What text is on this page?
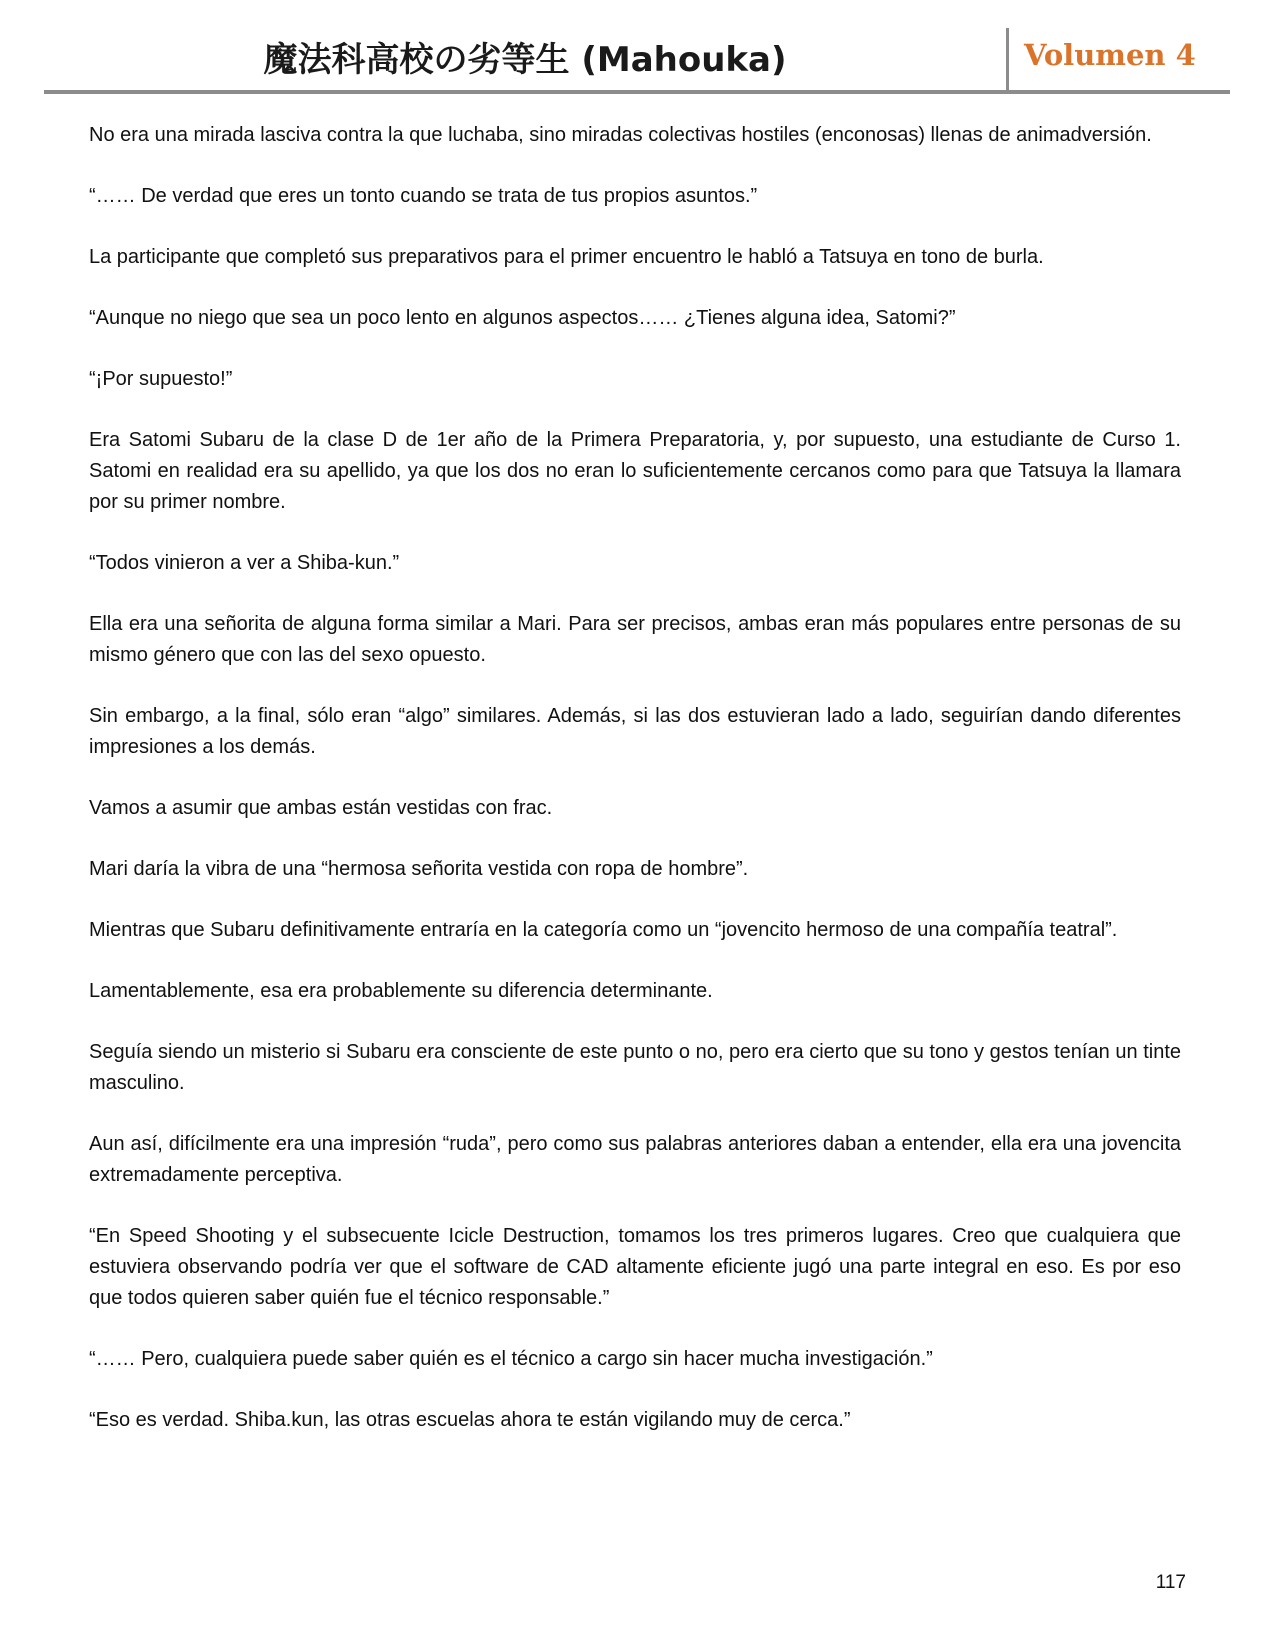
魔法科高校の劣等生 (Mahouka)	Volumen 4

No era una mirada lasciva contra la que luchaba, sino miradas colectivas hostiles (enconosas) llenas de animadversión.

“…… De verdad que eres un tonto cuando se trata de tus propios asuntos.”

La participante que completó sus preparativos para el primer encuentro le habló a Tatsuya en tono de burla.

“Aunque no niego que sea un poco lento en algunos aspectos…… ¿Tienes alguna idea, Satomi?”

“¡Por supuesto!”

Era Satomi Subaru de la clase D de 1er año de la Primera Preparatoria, y, por supuesto, una estudiante de Curso 1. Satomi en realidad era su apellido, ya que los dos no eran lo suficientemente cercanos como para que Tatsuya la llamara por su primer nombre.

“Todos vinieron a ver a Shiba-kun.”

Ella era una señorita de alguna forma similar a Mari. Para ser precisos, ambas eran más populares entre personas de su mismo género que con las del sexo opuesto.

Sin embargo, a la final, sólo eran “algo” similares. Además, si las dos estuvieran lado a lado, seguirían dando diferentes impresiones a los demás.

Vamos a asumir que ambas están vestidas con frac.

Mari daría la vibra de una “hermosa señorita vestida con ropa de hombre”.

Mientras que Subaru definitivamente entraría en la categoría como un “jovencito hermoso de una compañía teatral”.

Lamentablemente, esa era probablemente su diferencia determinante.

Seguía siendo un misterio si Subaru era consciente de este punto o no, pero era cierto que su tono y gestos tenían un tinte masculino.

Aun así, difícilmente era una impresión “ruda”, pero como sus palabras anteriores daban a entender, ella era una jovencita extremadamente perceptiva.

“En Speed Shooting y el subsecuente Icicle Destruction, tomamos los tres primeros lugares. Creo que cualquiera que estuviera observando podría ver que el software de CAD altamente eficiente jugó una parte integral en eso. Es por eso que todos quieren saber quién fue el técnico responsable.”

“…… Pero, cualquiera puede saber quién es el técnico a cargo sin hacer mucha investigación.”

“Eso es verdad. Shiba.kun, las otras escuelas ahora te están vigilando muy de cerca.”

117
